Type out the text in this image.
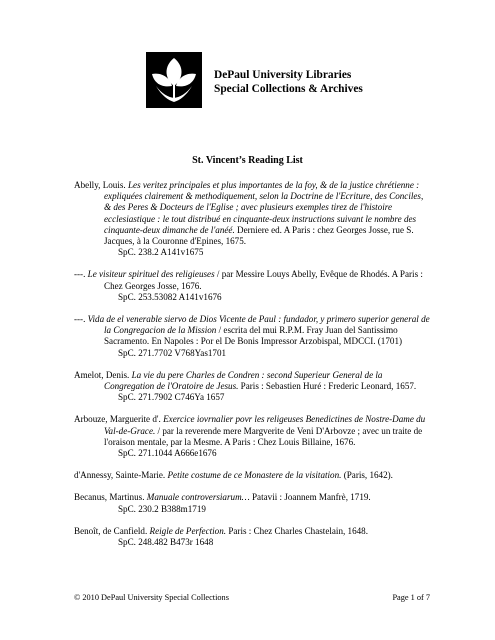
DePaul University Libraries
Special Collections & Archives
St. Vincent’s Reading List
Abelly, Louis. Les veritez principales et plus importantes de la foy, & de la justice chrétienne : expliquées clairement & methodiquement, selon la Doctrine de l'Ecriture, des Conciles, & des Peres & Docteurs de l'Eglise ; avec plusieurs exemples tirez de l'histoire ecclesiastique : le tout distribué en cinquante-deux instructions suivant le nombre des cinquante-deux dimanche de l'anéé. Derniere ed. A Paris : chez Georges Josse, rue S. Jacques, à la Couronne d'Epines, 1675.
SpC. 238.2 A141v1675
---. Le visiteur spirituel des religieuses / par Messire Louys Abelly, Evêque de Rhodés. A Paris : Chez Georges Josse, 1676.
SpC. 253.53082 A141v1676
---. Vida de el venerable siervo de Dios Vicente de Paul : fundador, y primero superior general de la Congregacion de la Mission / escrita del mui R.P.M. Fray Juan del Santissimo Sacramento. En Napoles : Por el De Bonis Impressor Arzobispal, MDCCI. (1701)
SpC. 271.7702 V768Yas1701
Amelot, Denis. La vie du pere Charles de Condren : second Superieur General de la Congregation de l'Oratoire de Jesus. Paris : Sebastien Huré : Frederic Leonard, 1657.
SpC. 271.7902 C746Ya 1657
Arbouze, Marguerite d'. Exercice iovrnalier povr les religeuses Benedictines de Nostre-Dame du Val-de-Grace. / par la reverende mere Margverite de Veni D'Arbovze ; avec un traite de l'oraison mentale, par la Mesme. A Paris : Chez Louis Billaine, 1676.
SpC. 271.1044 A666e1676
d'Annessy, Sainte-Marie. Petite costume de ce Monastere de la visitation. (Paris, 1642).
Becanus, Martinus. Manuale controversiarum… Patavii : Joannem Manfrè, 1719.
SpC. 230.2 B388m1719
Benoît, de Canfield. Reigle de Perfection. Paris : Chez Charles Chastelain, 1648.
SpC. 248.482 B473r 1648
© 2010 DePaul University Special Collections	Page 1 of 7
